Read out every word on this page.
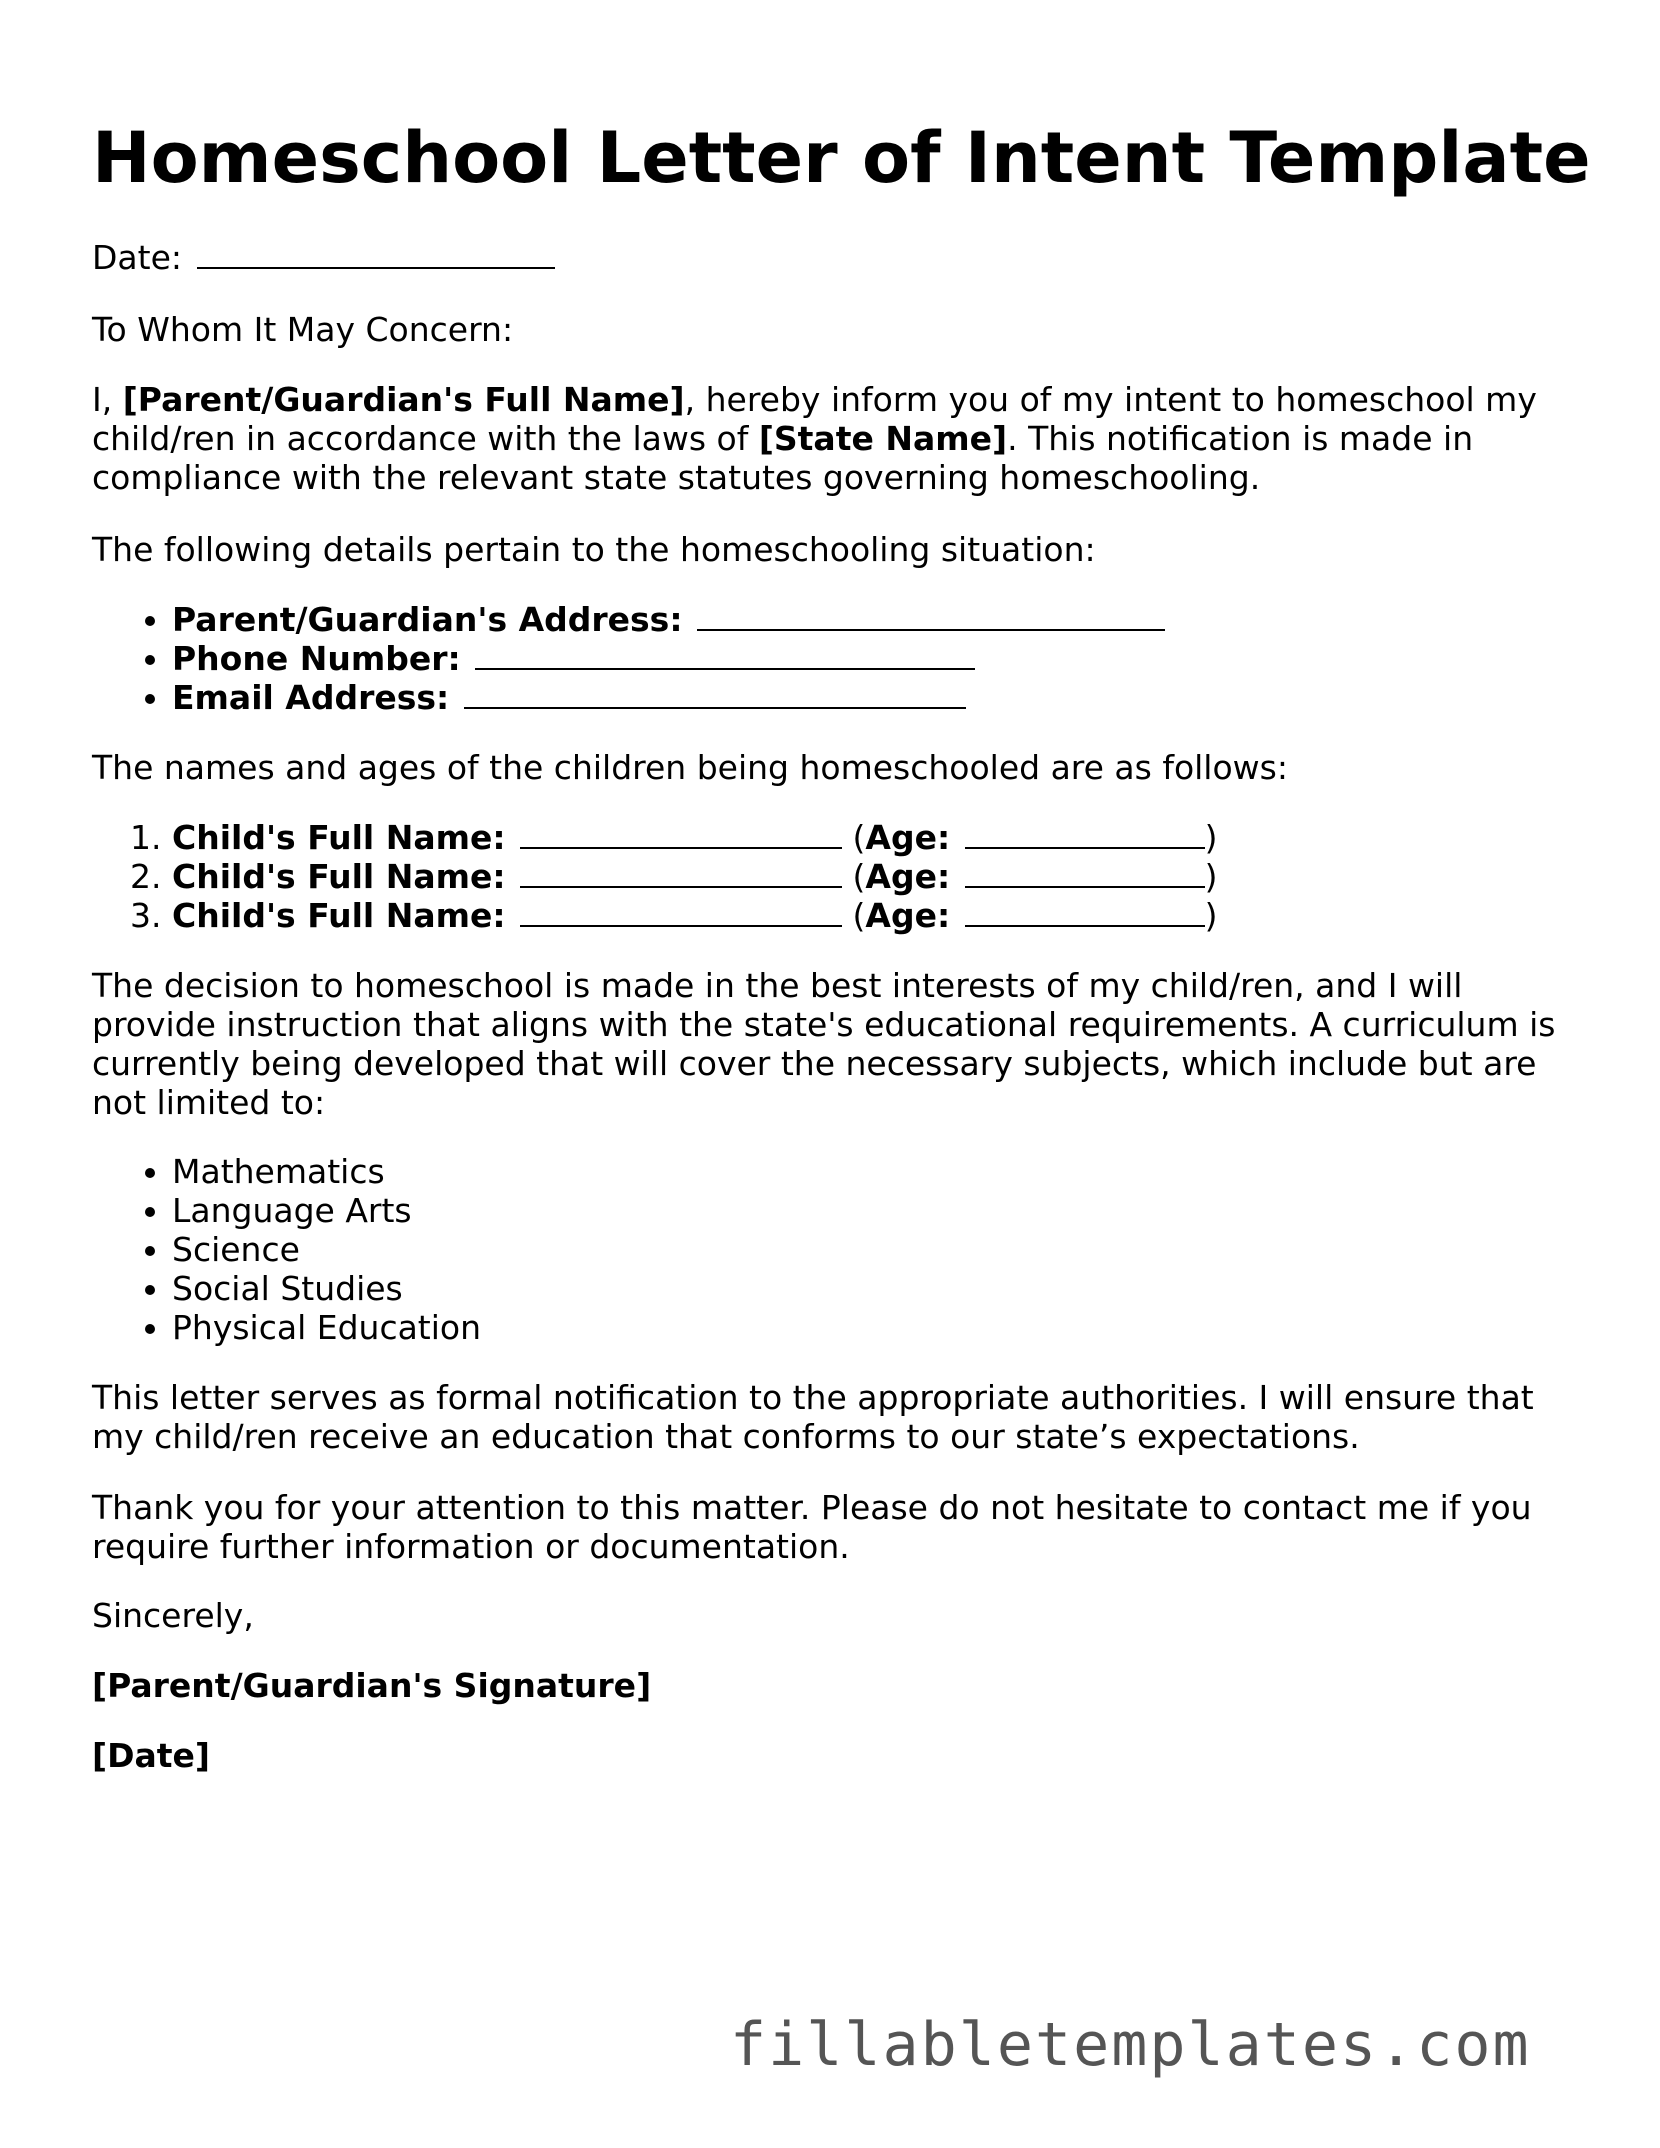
Homeschool Letter of Intent Template

Date:

To Whom It May Concern:

I, [Parent/Guardian's Full Name], hereby inform you of my intent to homeschool my child/ren in accordance with the laws of [State Name]. This notification is made in compliance with the relevant state statutes governing homeschooling.

The following details pertain to the homeschooling situation:

• Parent/Guardian's Address:
• Phone Number:
• Email Address:

The names and ages of the children being homeschooled are as follows:

1. Child's Full Name:	(Age:	)
2. Child's Full Name:	(Age:	)
3. Child's Full Name:	(Age:	)

The decision to homeschool is made in the best interests of my child/ren, and I will provide instruction that aligns with the state's educational requirements. A curriculum is currently being developed that will cover the necessary subjects, which include but are not limited to:

• Mathematics
• Language Arts
• Science
• Social Studies
• Physical Education

This letter serves as formal notification to the appropriate authorities. I will ensure that my child/ren receive an education that conforms to our state’s expectations.

Thank you for your attention to this matter. Please do not hesitate to contact me if you require further information or documentation.

Sincerely,

[Parent/Guardian's Signature]

[Date]

fillabletemplates.com
